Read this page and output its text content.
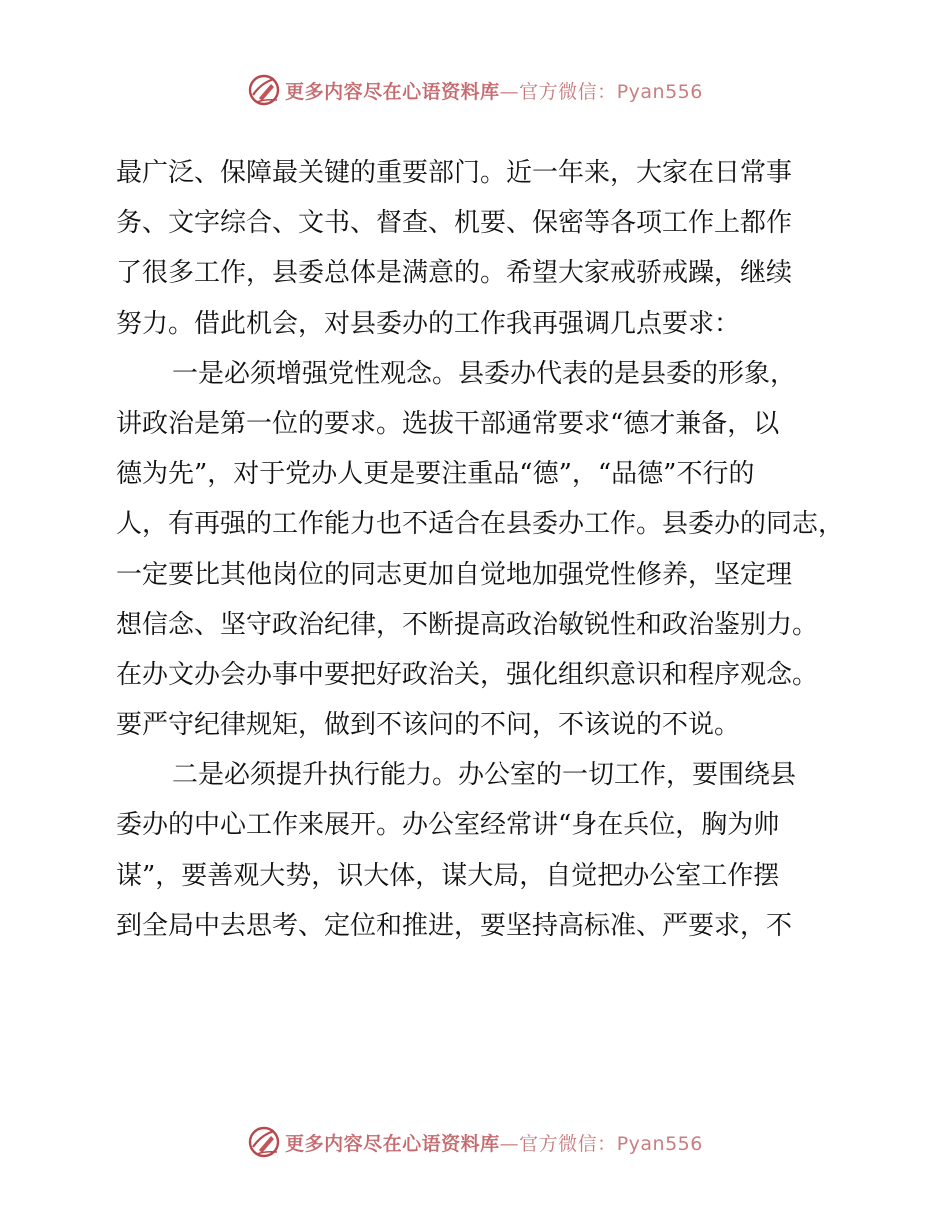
更多内容尽在心语资料库—官方微信：Pyan556
最广泛、保障最关键的重要部门。近一年来，大家在日常事
务、文字综合、文书、督查、机要、保密等各项工作上都作
了很多工作，县委总体是满意的。希望大家戒骄戒躁，继续
努力。借此机会，对县委办的工作我再强调几点要求：
一是必须增强党性观念。县委办代表的是县委的形象，
讲政治是第一位的要求。选拔干部通常要求“德才兼备，以
德为先”，对于党办人更是要注重品“德”，“品德”不行的
人，有再强的工作能力也不适合在县委办工作。县委办的同志，
一定要比其他岗位的同志更加自觉地加强党性修养，坚定理
想信念、坚守政治纪律，不断提高政治敏锐性和政治鉴别力。
在办文办会办事中要把好政治关，强化组织意识和程序观念。
要严守纪律规矩，做到不该问的不问，不该说的不说。
二是必须提升执行能力。办公室的一切工作，要围绕县
委办的中心工作来展开。办公室经常讲“身在兵位，胸为帅
谋”，要善观大势，识大体，谋大局，自觉把办公室工作摆
到全局中去思考、定位和推进，要坚持高标准、严要求，不
更多内容尽在心语资料库—官方微信：Pyan556
